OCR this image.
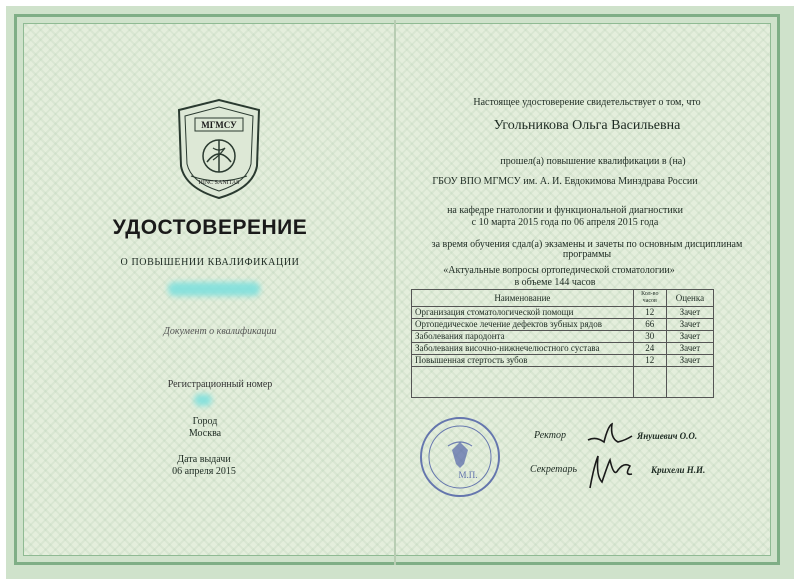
МГМСУ
HINC SANITAS
УДОСТОВЕРЕНИЕ
О ПОВЫШЕНИИ КВАЛИФИКАЦИИ
Документ о квалификации
Регистрационный номер
Город
Москва
Дата выдачи
06 апреля 2015
Настоящее удостоверение свидетельствует о том, что
Угольникова Ольга Васильевна
прошел(а) повышение квалификации в (на)
ГБОУ ВПО МГМСУ им. А. И. Евдокимова Минздрава России
на кафедре гнатологии и функциональной диагностики
с 10 марта 2015 года по 06 апреля 2015 года
за время обучения сдал(а) экзамены и зачеты по основным дисциплинам
программы
«Актуальные вопросы ортопедической стоматологии»
в объеме 144 часов
Наименование	Кол-во часов	Оценка
Организация стоматологической помощи	12	Зачет
Ортопедическое лечение дефектов зубных рядов	66	Зачет
Заболевания пародонта	30	Зачет
Заболевания височно-нижнечелюстного сустава	24	Зачет
Повышенная стертость зубов	12	Зачет

М.П.
Ректор	Янушевич О.О.
Секретарь	Крихели Н.И.
